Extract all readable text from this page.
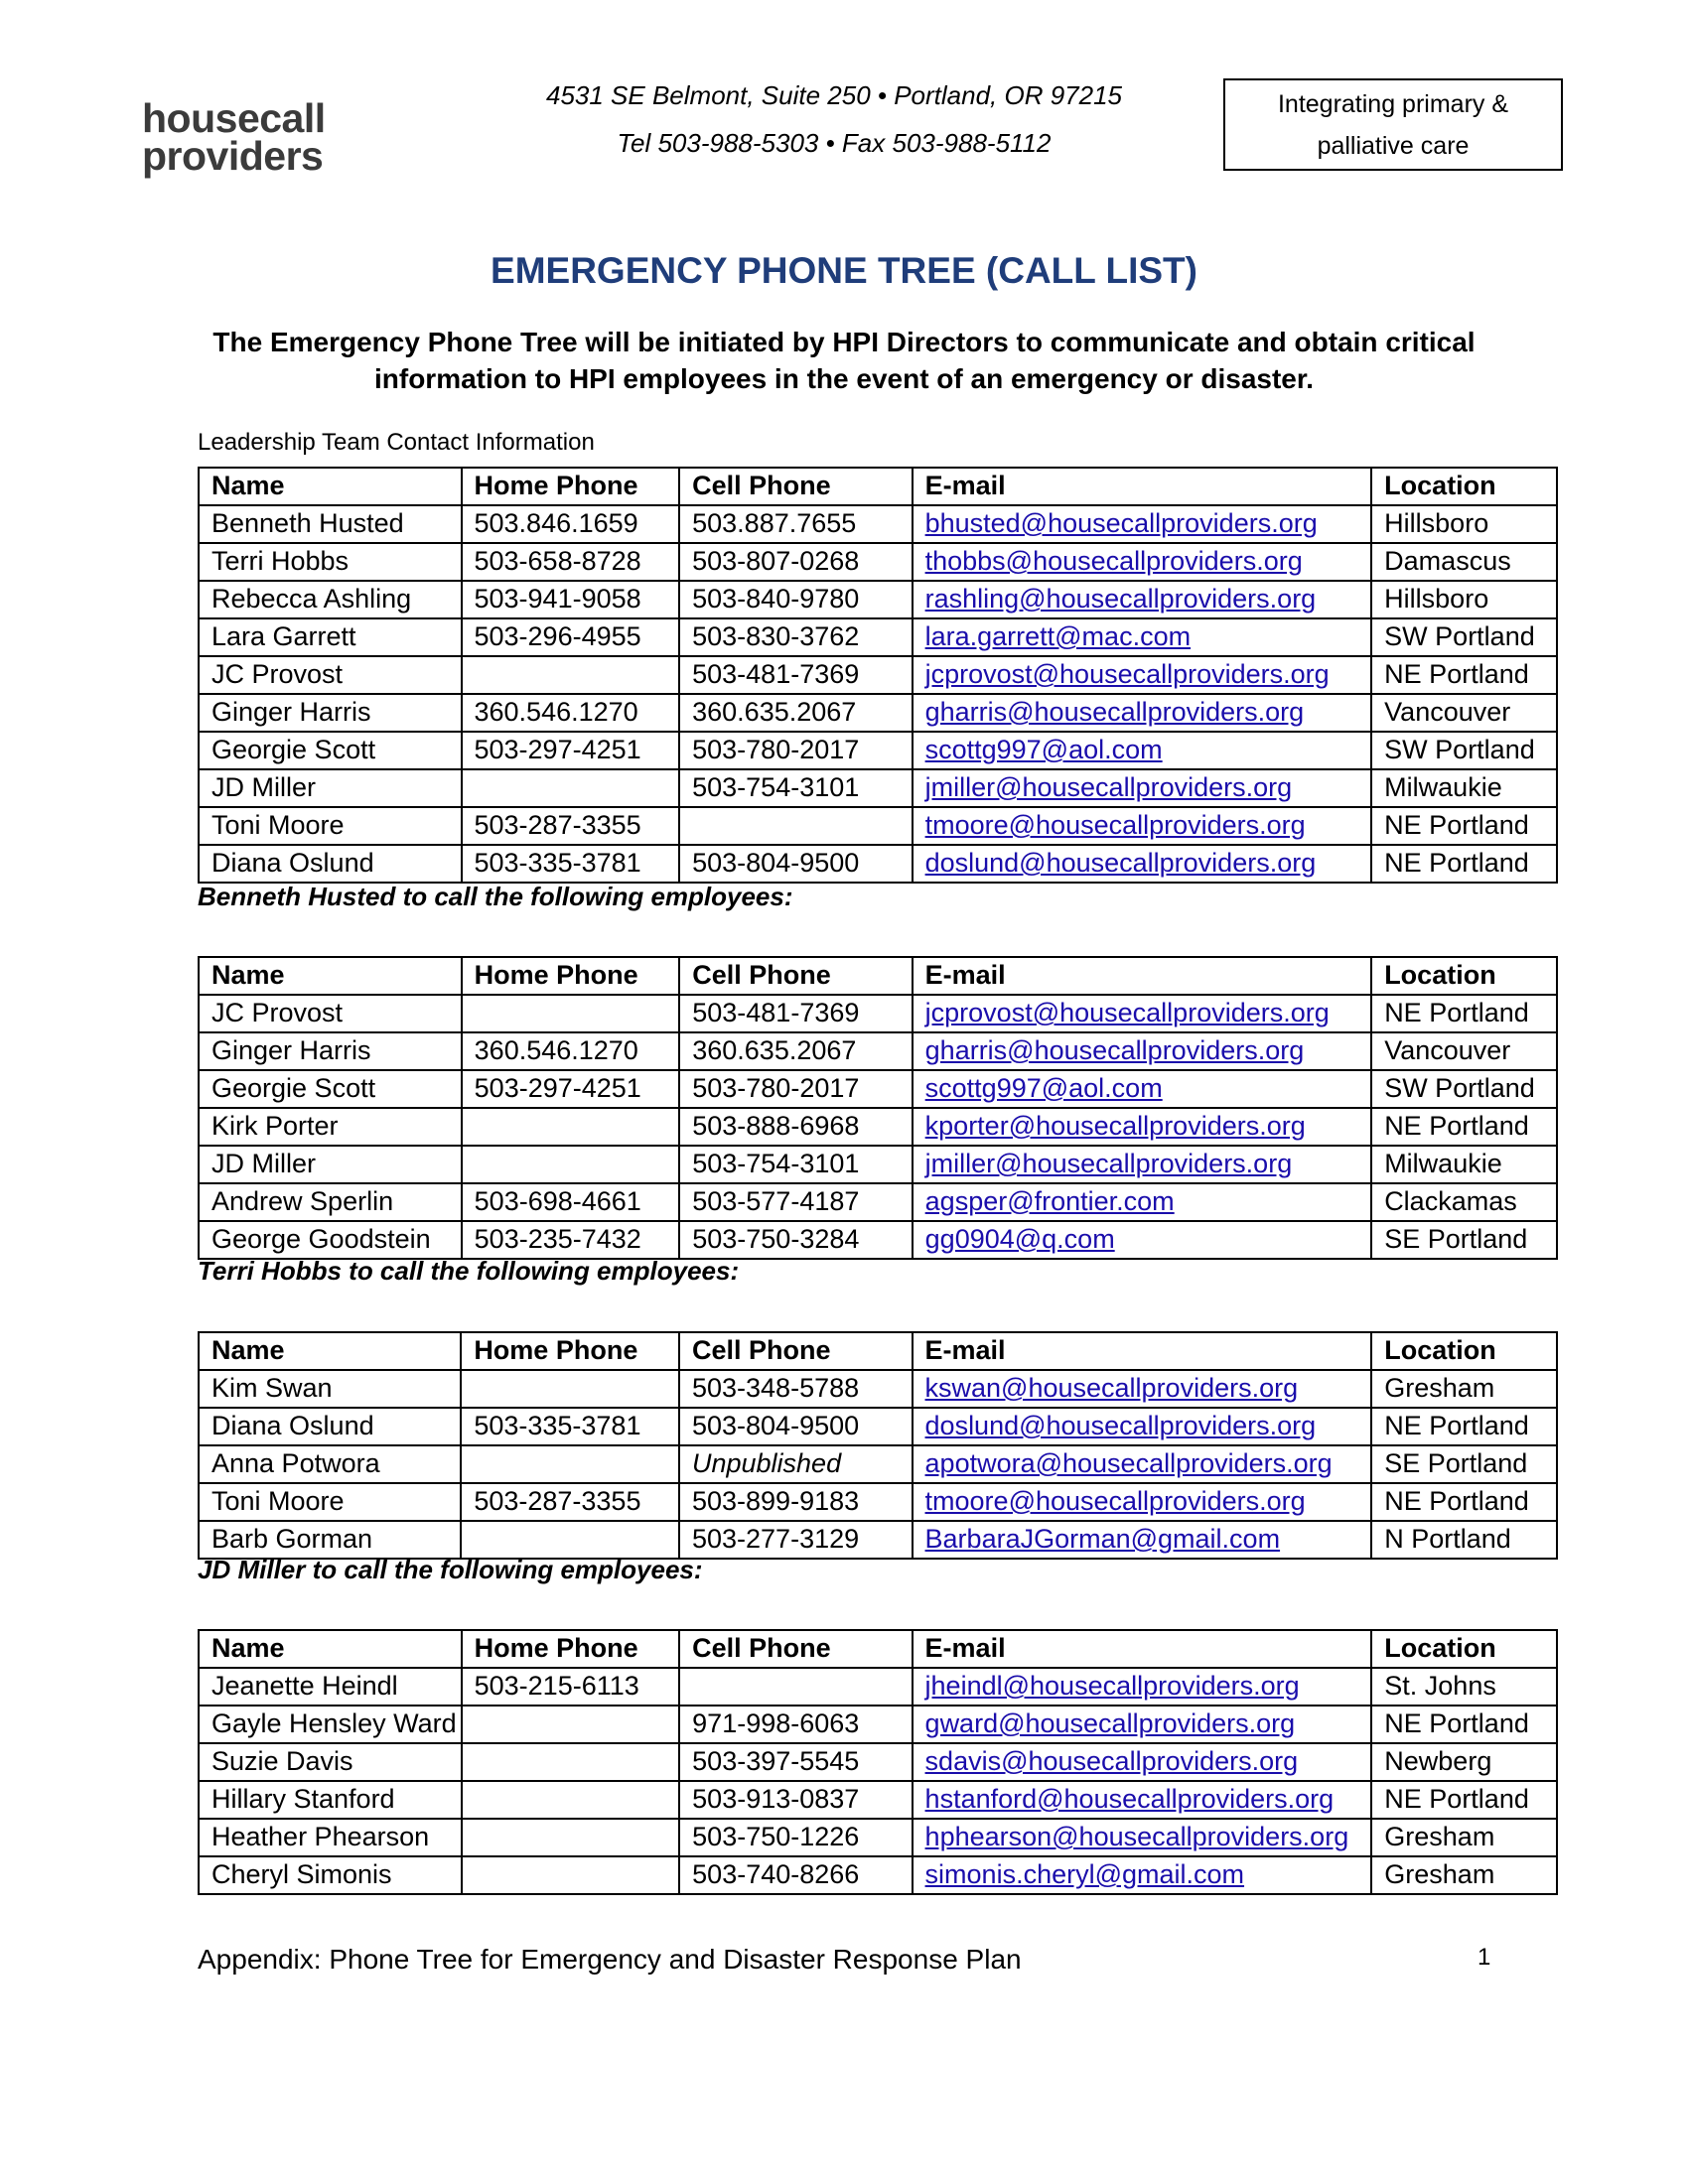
housecall
providers
4531 SE Belmont, Suite 250 • Portland, OR 97215
Tel 503-988-5303 • Fax 503-988-5112
Integrating primary &
palliative care
EMERGENCY PHONE TREE (CALL LIST)
The Emergency Phone Tree will be initiated by HPI Directors to communicate and obtain critical information to HPI employees in the event of an emergency or disaster.
Leadership Team Contact Information
Benneth Husted to call the following employees:
Terri Hobbs to call the following employees:
JD Miller to call the following employees:
Name	Home Phone	Cell Phone	E-mail	Location
Benneth Husted	503.846.1659	503.887.7655	bhusted@housecallproviders.org	Hillsboro
Terri Hobbs	503-658-8728	503-807-0268	thobbs@housecallproviders.org	Damascus
Rebecca Ashling	503-941-9058	503-840-9780	rashling@housecallproviders.org	Hillsboro
Lara Garrett	503-296-4955	503-830-3762	lara.garrett@mac.com	SW Portland
JC Provost		503-481-7369	jcprovost@housecallproviders.org	NE Portland
Ginger Harris	360.546.1270	360.635.2067	gharris@housecallproviders.org	Vancouver
Georgie Scott	503-297-4251	503-780-2017	scottg997@aol.com	SW Portland
JD Miller		503-754-3101	jmiller@housecallproviders.org	Milwaukie
Toni Moore	503-287-3355		tmoore@housecallproviders.org	NE Portland
Diana Oslund	503-335-3781	503-804-9500	doslund@housecallproviders.org	NE Portland
Name	Home Phone	Cell Phone	E-mail	Location
JC Provost		503-481-7369	jcprovost@housecallproviders.org	NE Portland
Ginger Harris	360.546.1270	360.635.2067	gharris@housecallproviders.org	Vancouver
Georgie Scott	503-297-4251	503-780-2017	scottg997@aol.com	SW Portland
Kirk Porter		503-888-6968	kporter@housecallproviders.org	NE Portland
JD Miller		503-754-3101	jmiller@housecallproviders.org	Milwaukie
Andrew Sperlin	503-698-4661	503-577-4187	agsper@frontier.com	Clackamas
George Goodstein	503-235-7432	503-750-3284	gg0904@q.com	SE Portland
Name	Home Phone	Cell Phone	E-mail	Location
Kim Swan		503-348-5788	kswan@housecallproviders.org	Gresham
Diana Oslund	503-335-3781	503-804-9500	doslund@housecallproviders.org	NE Portland
Anna Potwora		Unpublished	apotwora@housecallproviders.org	SE Portland
Toni Moore	503-287-3355	503-899-9183	tmoore@housecallproviders.org	NE Portland
Barb Gorman		503-277-3129	BarbaraJGorman@gmail.com	N Portland
Name	Home Phone	Cell Phone	E-mail	Location
Jeanette Heindl	503-215-6113		jheindl@housecallproviders.org	St. Johns
Gayle Hensley Ward		971-998-6063	gward@housecallproviders.org	NE Portland
Suzie Davis		503-397-5545	sdavis@housecallproviders.org	Newberg
Hillary Stanford		503-913-0837	hstanford@housecallproviders.org	NE Portland
Heather Phearson		503-750-1226	hphearson@housecallproviders.org	Gresham
Cheryl Simonis		503-740-8266	simonis.cheryl@gmail.com	Gresham
Appendix: Phone Tree for Emergency and Disaster Response Plan	1
